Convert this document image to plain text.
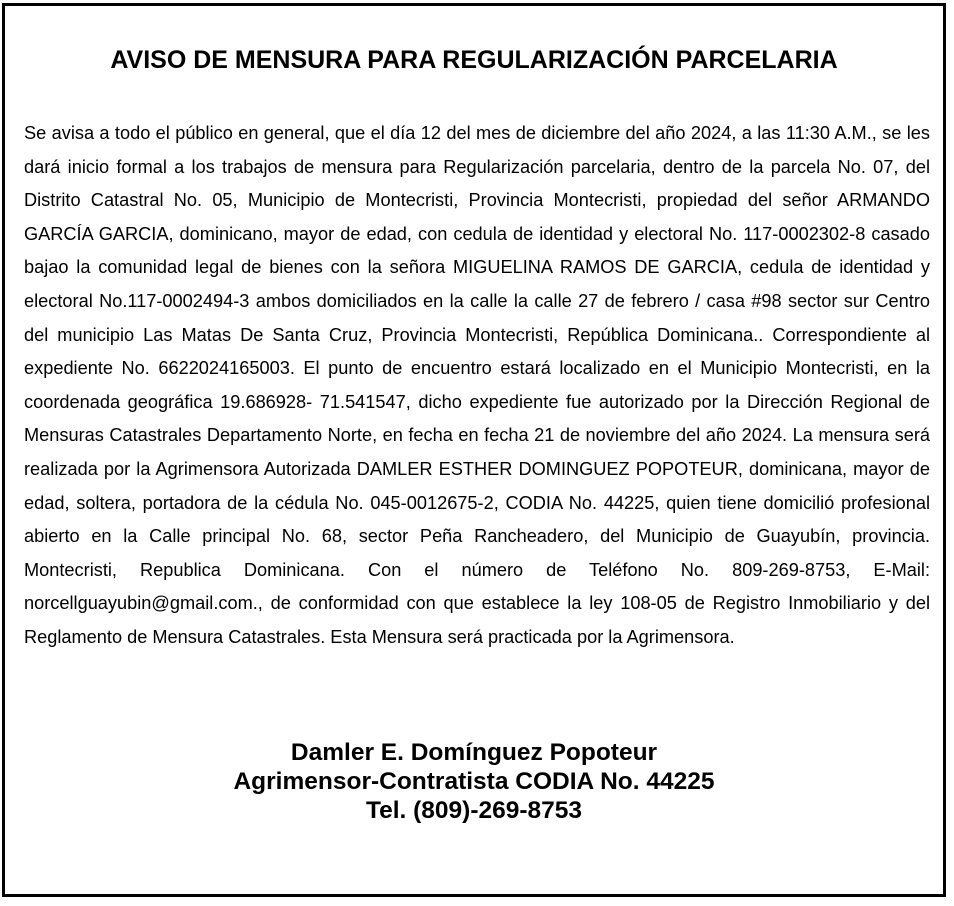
AVISO DE MENSURA PARA REGULARIZACIÓN PARCELARIA

Se avisa a todo el público en general, que el día 12 del mes de diciembre del año 2024, a las 11:30 A.M., se les dará inicio formal a los trabajos de mensura para Regularización parcelaria, dentro de la parcela No. 07, del Distrito Catastral No. 05, Municipio de Montecristi, Provincia Montecristi, propiedad del señor ARMANDO GARCÍA GARCIA, dominicano, mayor de edad, con cedula de identidad y electoral No. 117-0002302-8 casado bajao la comunidad legal de bienes con la señora MIGUELINA RAMOS DE GARCIA, cedula de identidad y electoral No.117-0002494-3 ambos domiciliados en la calle la calle 27 de febrero / casa #98 sector sur Centro del municipio Las Matas De Santa Cruz, Provincia Montecristi, República Dominicana.. Correspondiente al expediente No. 6622024165003. El punto de encuentro estará localizado en el Municipio Montecristi, en la coordenada geográfica 19.686928- 71.541547, dicho expediente fue autorizado por la Dirección Regional de Mensuras Catastrales Departamento Norte, en fecha en fecha 21 de noviembre del año 2024. La mensura será realizada por la Agrimensora Autorizada DAMLER ESTHER DOMINGUEZ POPOTEUR, dominicana, mayor de edad, soltera, portadora de la cédula No. 045-0012675-2, CODIA No. 44225, quien tiene domicilió profesional abierto en la Calle principal No. 68, sector Peña Rancheadero, del Municipio de Guayubín, provincia. Montecristi, Republica Dominicana. Con el número de Teléfono No. 809-269-8753, E-Mail: norcellguayubin@gmail.com., de conformidad con que establece la ley 108-05 de Registro Inmobiliario y del Reglamento de Mensura Catastrales. Esta Mensura será practicada por la Agrimensora.

Damler E. Domínguez Popoteur
Agrimensor-Contratista CODIA No. 44225
Tel. (809)-269-8753
